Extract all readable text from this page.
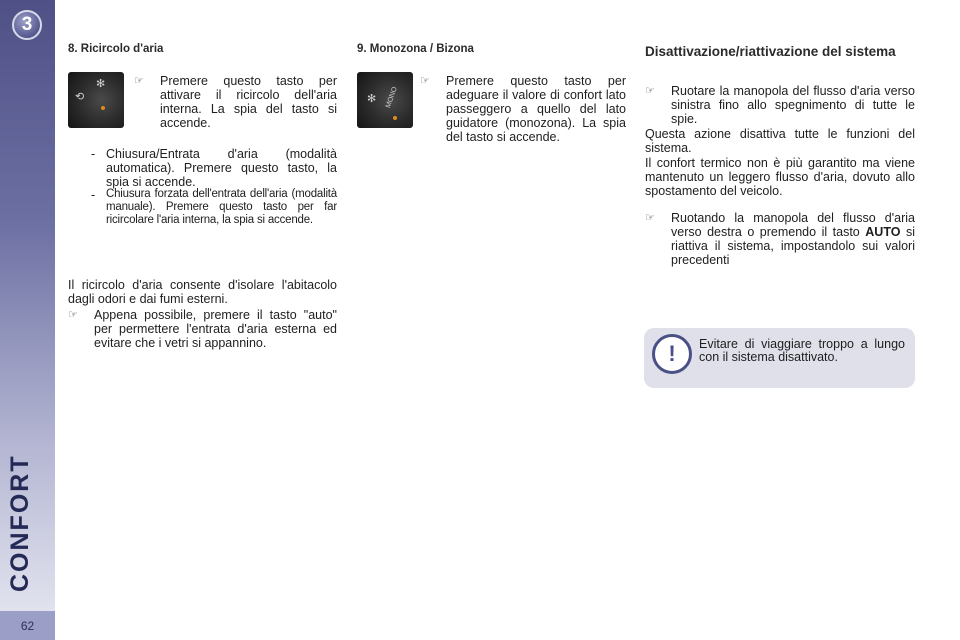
3
CONFORT
62
8. Ricircolo d'aria
⟲
✻	☞ Premere questo tasto per attivare il ricircolo dell'aria interna. La spia del tasto si accende.
- Chiusura/Entrata d'aria (modalità automatica). Premere questo tasto, la spia si accende.
- Chiusura forzata dell'entrata dell'aria (modalità manuale). Premere questo tasto per far ricircolare l'aria interna, la spia si accende.
Il ricircolo d'aria consente d'isolare l'abitacolo dagli odori e dai fumi esterni.
☞ Appena possibile, premere il tasto "auto" per permettere l'entrata d'aria esterna ed evitare che i vetri si appannino.
9. Monozona / Bizona
✻ MONO
☞ Premere questo tasto per adeguare il valore di confort lato passeggero a quello del lato guidatore (monozona). La spia del tasto si accende.
Disattivazione/riattivazione del sistema
☞ Ruotare la manopola del flusso d'aria verso sinistra fino allo spegnimento di tutte le spie.
Questa azione disattiva tutte le funzioni del sistema.
Il confort termico non è più garantito ma viene mantenuto un leggero flusso d'aria, dovuto allo spostamento del veicolo.
☞ Ruotando la manopola del flusso d'aria verso destra o premendo il tasto AUTO si riattiva il sistema, impostandolo sui valori precedenti
! Evitare di viaggiare troppo a lungo con il sistema disattivato.
